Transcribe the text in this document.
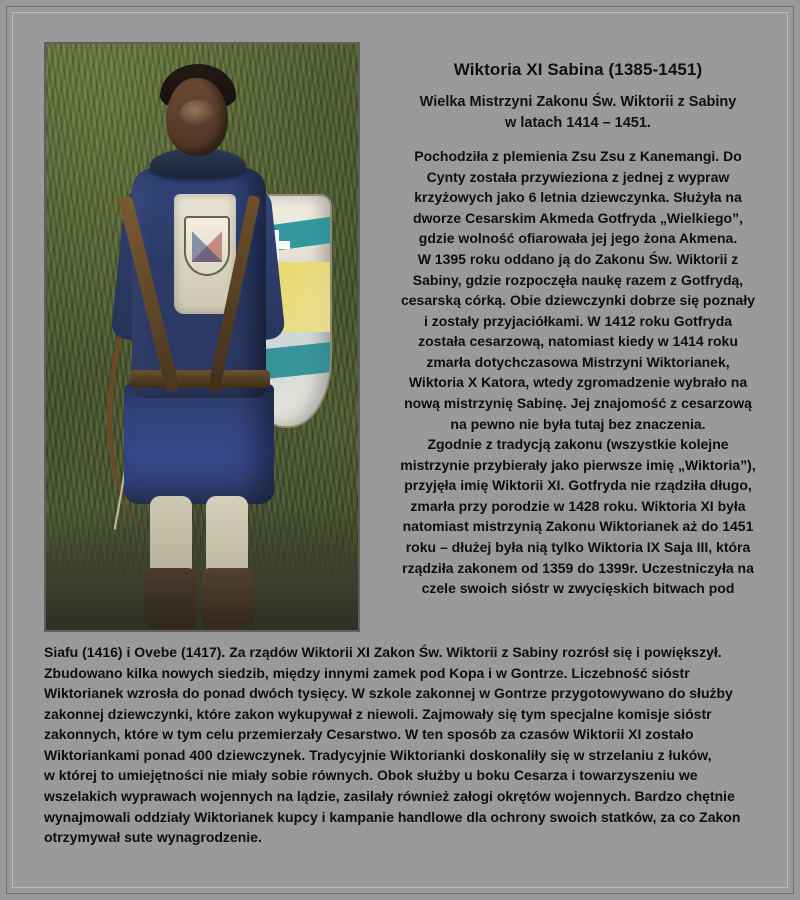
Wiktoria XI Sabina (1385-1451)
Wielka Mistrzyni Zakonu Św. Wiktorii z Sabiny
w latach 1414 – 1451.
Pochodziła z plemienia Zsu Zsu z Kanemangi. Do
Cynty została przywieziona z jednej z wypraw
krzyżowych jako 6 letnia dziewczynka. Służyła na
dworze Cesarskim Akmeda Gotfryda „Wielkiego”,
gdzie wolność ofiarowała jej jego żona Akmena.
W 1395 roku oddano ją do Zakonu Św. Wiktorii z
Sabiny, gdzie rozpoczęła naukę razem z Gotfrydą,
cesarską córką. Obie dziewczynki dobrze się poznały
i zostały przyjaciółkami. W 1412 roku Gotfryda
została cesarzową, natomiast kiedy w 1414 roku
zmarła dotychczasowa Mistrzyni Wiktorianek,
Wiktoria X Katora, wtedy zgromadzenie wybrało na
nową mistrzynię Sabinę. Jej znajomość z cesarzową
na pewno nie była tutaj bez znaczenia.
Zgodnie z tradycją zakonu (wszystkie kolejne
mistrzynie przybierały jako pierwsze imię „Wiktoria”),
przyjęła imię Wiktorii XI. Gotfryda nie rządziła długo,
zmarła przy porodzie w 1428 roku. Wiktoria XI była
natomiast mistrzynią Zakonu Wiktorianek aż do 1451
roku – dłużej była nią tylko Wiktoria IX Saja III, która
rządziła zakonem od 1359 do 1399r. Uczestniczyła na
czele swoich sióstr w zwycięskich bitwach pod
Siafu (1416) i Ovebe (1417). Za rządów Wiktorii XI Zakon Św. Wiktorii z Sabiny rozrósł się i powiększył.
Zbudowano kilka nowych siedzib, między innymi zamek pod Kopa i w Gontrze. Liczebność sióstr
Wiktorianek wzrosła do ponad dwóch tysięcy. W szkole zakonnej w Gontrze przygotowywano do służby
zakonnej dziewczynki, które zakon wykupywał z niewoli. Zajmowały się tym specjalne komisje sióstr
zakonnych, które w tym celu przemierzały Cesarstwo. W ten sposób za czasów Wiktorii XI zostało
Wiktoriankami ponad 400 dziewczynek. Tradycyjnie Wiktorianki doskonaliły się w strzelaniu z łuków,
w której to umiejętności nie miały sobie równych. Obok służby u boku Cesarza i towarzyszeniu we
wszelakich wyprawach wojennych na lądzie, zasilały również załogi okrętów wojennych. Bardzo chętnie
wynajmowali oddziały Wiktorianek kupcy i kampanie handlowe dla ochrony swoich statków, za co Zakon
otrzymywał sute wynagrodzenie.
